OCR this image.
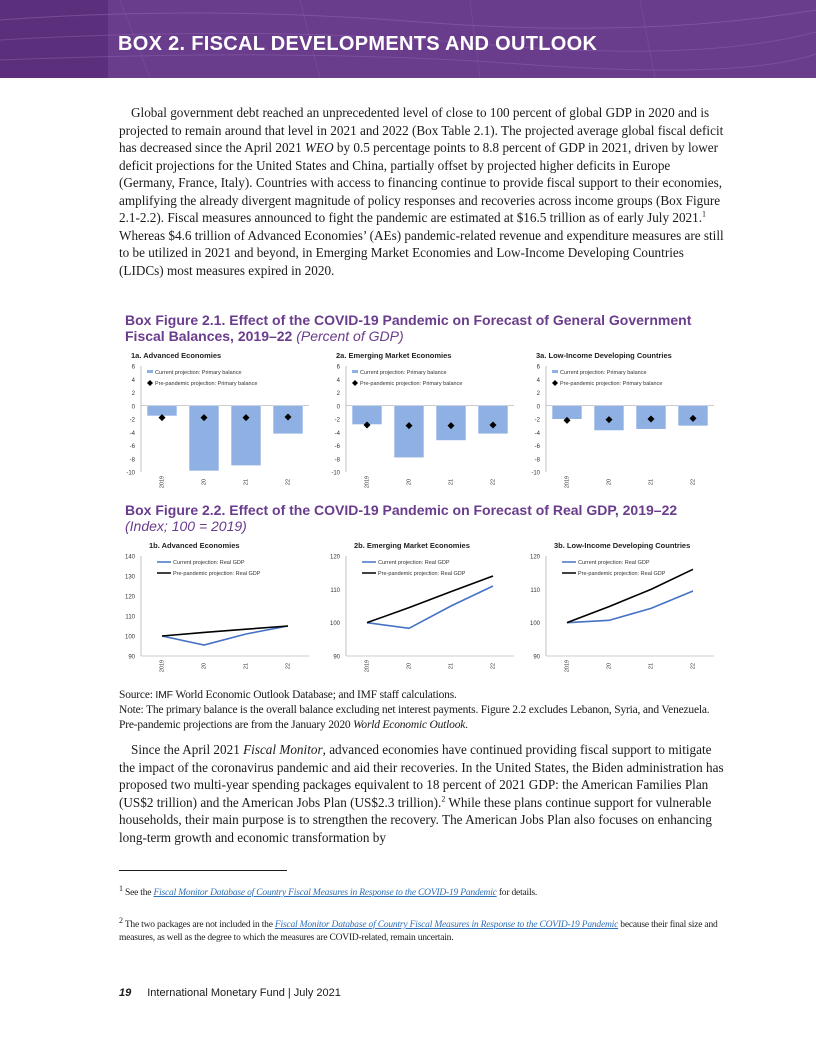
BOX 2. FISCAL DEVELOPMENTS AND OUTLOOK
Global government debt reached an unprecedented level of close to 100 percent of global GDP in 2020 and is projected to remain around that level in 2021 and 2022 (Box Table 2.1). The projected average global fiscal deficit has decreased since the April 2021 WEO by 0.5 percentage points to 8.8 percent of GDP in 2021, driven by lower deficit projections for the United States and China, partially offset by projected higher deficits in Europe (Germany, France, Italy). Countries with access to financing continue to provide fiscal support to their economies, amplifying the already divergent magnitude of policy responses and recoveries across income groups (Box Figure 2.1-2.2). Fiscal measures announced to fight the pandemic are estimated at $16.5 trillion as of early July 2021.$^1$ Whereas $4.6 trillion of Advanced Economies’ (AEs) pandemic-related revenue and expenditure measures are still to be utilized in 2021 and beyond, in Emerging Market Economies and Low-Income Developing Countries (LIDCs) most measures expired in 2020.
Box Figure 2.1. Effect of the COVID-19 Pandemic on Forecast of General Government Fiscal Balances, 2019–22 (Percent of GDP)
1a. Advanced Economies
6
4
2
0
-2
-4
-6
-8
-10
2019	20	21	22
Current projection: Primary balance
Pre-pandemic projection: Primary balance
2a. Emerging Market Economies
6
4
2
0
-2
-4
-6
-8
-10
2019	20	21	22
Current projection: Primary balance
Pre-pandemic projection: Primary balance
3a. Low-Income Developing Countries
6
4
2
0
-2
-4
-6
-8
-10
2019	20	21	22
Current projection: Primary balance
Pre-pandemic projection: Primary balance
Box Figure 2.2. Effect of the COVID-19 Pandemic on Forecast of Real GDP, 2019–22
(Index; 100 = 2019)
1b. Advanced Economies
140
130
120
110
100
90
2019	20	21	22
Current projection: Real GDP
Pre-pandemic projection: Real GDP
2b. Emerging Market Economies
120
110
100
90
2019	20	21	22
Current projection: Real GDP
Pre-pandemic projection: Real GDP
3b. Low-Income Developing Countries
120
110
100
90
2019	20	21	22
Current projection: Real GDP
Pre-pandemic projection: Real GDP
Source: IMF World Economic Outlook Database; and IMF staff calculations.
Note: The primary balance is the overall balance excluding net interest payments. Figure 2.2 excludes Lebanon, Syria, and Venezuela. Pre-pandemic projections are from the January 2020 World Economic Outlook.
Since the April 2021 Fiscal Monitor, advanced economies have continued providing fiscal support to mitigate the impact of the coronavirus pandemic and aid their recoveries. In the United States, the Biden administration has proposed two multi-year spending packages equivalent to 18 percent of 2021 GDP: the American Families Plan (US$2 trillion) and the American Jobs Plan (US$2.3 trillion).$^2$ While these plans continue support for vulnerable households, their main purpose is to strengthen the recovery. The American Jobs Plan also focuses on enhancing long-term growth and economic transformation by
$^1$ See the Fiscal Monitor Database of Country Fiscal Measures in Response to the COVID-19 Pandemic for details.
$^2$ The two packages are not included in the Fiscal Monitor Database of Country Fiscal Measures in Response to the COVID-19 Pandemic because their final size and measures, as well as the degree to which the measures are COVID-related, remain uncertain.
19 International Monetary Fund | July 2021
